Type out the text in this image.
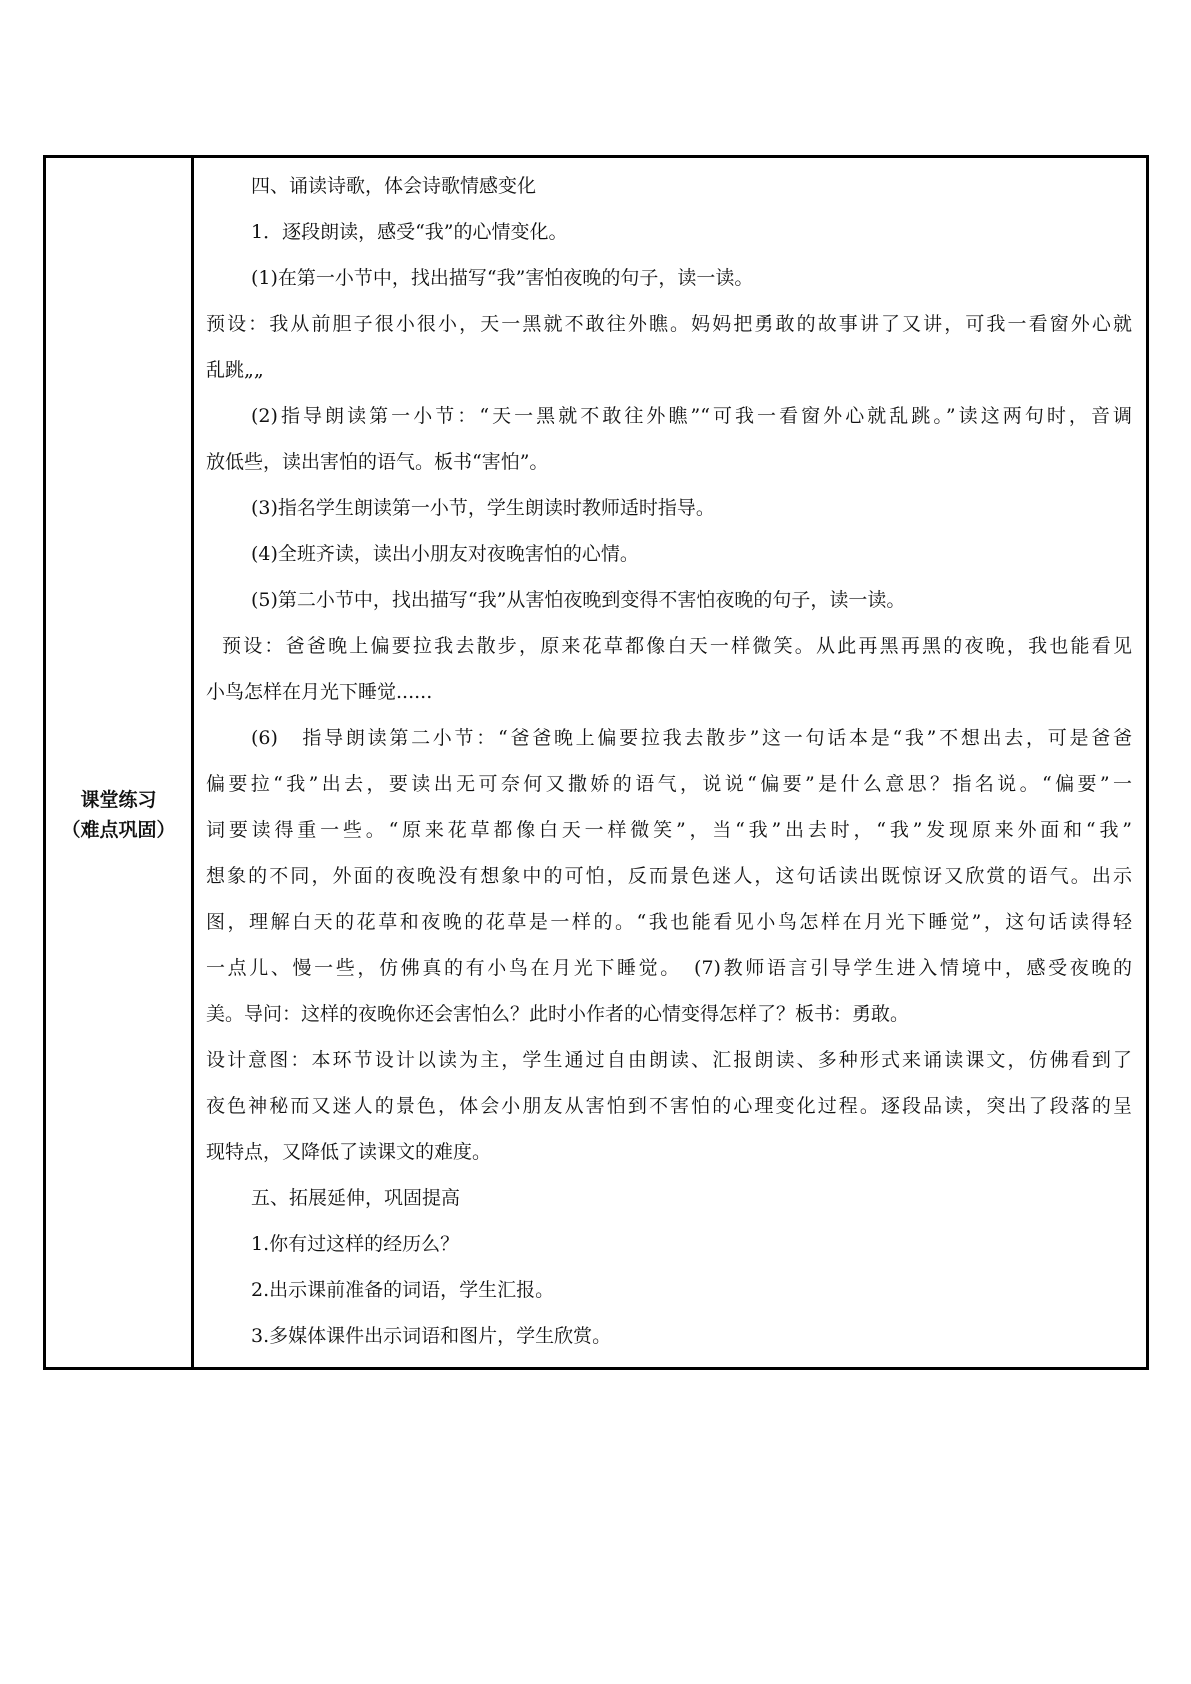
课堂练习
（难点巩固）

四、诵读诗歌，体会诗歌情感变化

1．逐段朗读，感受“我”的心情变化。

(1)在第一小节中，找出描写“我”害怕夜晚的句子，读一读。

预设：我从前胆子很小很小，天一黑就不敢往外瞧。妈妈把勇敢的故事讲了又讲，可我一看窗外心就

乱跳„„

(2)指导朗读第一小节：“天一黑就不敢往外瞧”“可我一看窗外心就乱跳。”读这两句时，音调

放低些，读出害怕的语气。板书“害怕”。

(3)指名学生朗读第一小节，学生朗读时教师适时指导。

(4)全班齐读，读出小朋友对夜晚害怕的心情。

(5)第二小节中，找出描写“我”从害怕夜晚到变得不害怕夜晚的句子，读一读。

预设：爸爸晚上偏要拉我去散步，原来花草都像白天一样微笑。从此再黑再黑的夜晚，我也能看见

小鸟怎样在月光下睡觉......

(6)　指导朗读第二小节：“爸爸晚上偏要拉我去散步”这一句话本是“我”不想出去，可是爸爸

偏要拉“我”出去，要读出无可奈何又撒娇的语气，说说“偏要”是什么意思？指名说。“偏要”一

词要读得重一些。“原来花草都像白天一样微笑”，当“我”出去时，“我”发现原来外面和“我”

想象的不同，外面的夜晚没有想象中的可怕，反而景色迷人，这句话读出既惊讶又欣赏的语气。出示

图，理解白天的花草和夜晚的花草是一样的。“我也能看见小鸟怎样在月光下睡觉”，这句话读得轻

一点儿、慢一些，仿佛真的有小鸟在月光下睡觉。　(7)教师语言引导学生进入情境中，感受夜晚的

美。导问：这样的夜晚你还会害怕么？此时小作者的心情变得怎样了？板书：勇敢。

设计意图：本环节设计以读为主，学生通过自由朗读、汇报朗读、多种形式来诵读课文，仿佛看到了

夜色神秘而又迷人的景色，体会小朋友从害怕到不害怕的心理变化过程。逐段品读，突出了段落的呈

现特点，又降低了读课文的难度。

五、拓展延伸，巩固提高

1.你有过这样的经历么？

2.出示课前准备的词语，学生汇报。

3.多媒体课件出示词语和图片，学生欣赏。
